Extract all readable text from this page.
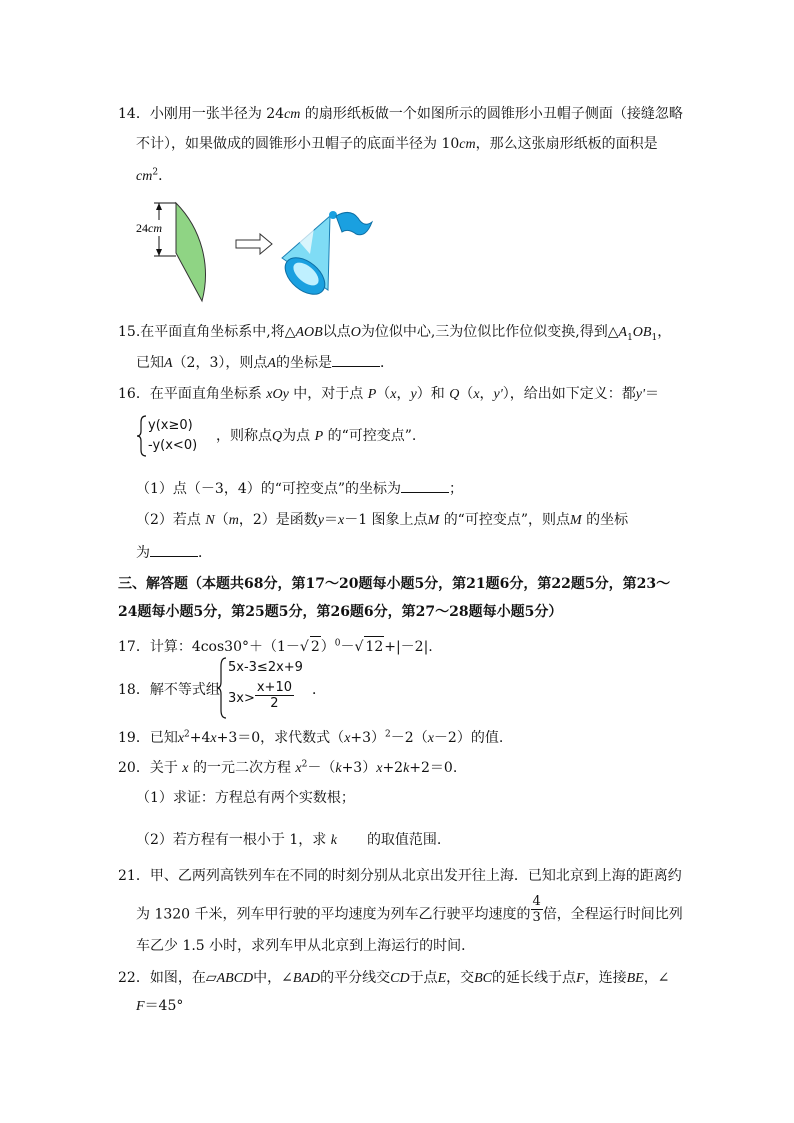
14．小刚用一张半径为 24cm 的扇形纸板做一个如图所示的圆锥形小丑帽子侧面（接缝忽略
不计），如果做成的圆锥形小丑帽子的底面半径为 10cm，那么这张扇形纸板的面积是
$cm^2$．
24cm
15.在平面直角坐标系中,将△AOB以点O为位似中心,三为位似比作位似变换,得到$\triangle A_1OB_1$，
已知A（2，3），则点A的坐标是	．
16．在平面直角坐标系 xOy 中，对于点 P（x，y）和 Q（x，y'），给出如下定义：都y'＝
y(x≥0)
-y(x<0)
，则称点Q为点 P 的“可控变点”.
（1）点（－3，4）的“可控变点”的坐标为	；
（2）若点 N（m，2）是函数y＝x－1 图象上点M 的“可控变点”，则点M 的坐标
为	．
三、解答题（本题共68分，第17～20题每小题5分，第21题6分，第22题5分，第23～
24题每小题5分，第25题5分，第26题6分，第27～28题每小题5分）
17．计算：4cos30°＋（1－√ 2）$^0$－√ 12+|－2|.
18．解不等式组
5x-3≤2x+9
$3x> \frac{x+10}{2}$ ．
19．已知$x^2+4x+3=0$，求代数式$(x+3)^2-2(x-2)$的值.
20．关于 x 的一元二次方程 $x^2-(k+3)x+2k+2=0$.
（1）求证：方程总有两个实数根；
（2）若方程有一根小于 1，求 k 的取值范围.
21．甲、乙两列高铁列车在不同的时刻分别从北京出发开往上海．已知北京到上海的距离约
为 1320 千米，列车甲行驶的平均速度为列车乙行驶平均速度的 $\frac{4}{3}$ 倍，全程运行时间比列
车乙少 1.5 小时，求列车甲从北京到上海运行的时间．
22．如图，在▱ABCD中，∠BAD的平分线交CD于点E，交BC的延长线于点F，连接BE，∠
F＝45°
